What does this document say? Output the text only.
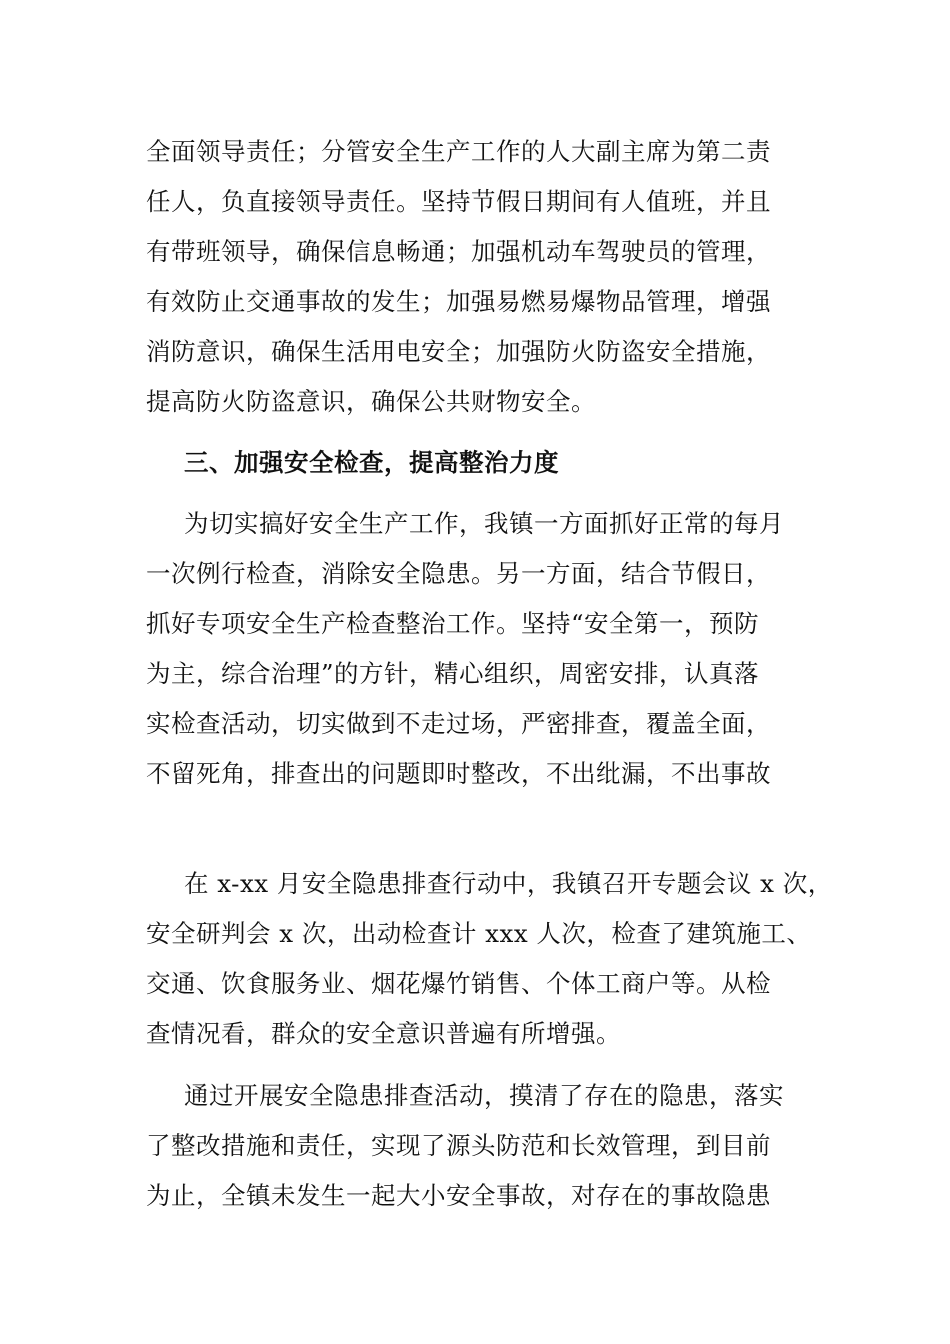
全面领导责任；分管安全生产工作的人大副主席为第二责
任人，负直接领导责任。坚持节假日期间有人值班，并且
有带班领导，确保信息畅通；加强机动车驾驶员的管理，
有效防止交通事故的发生；加强易燃易爆物品管理，增强
消防意识，确保生活用电安全；加强防火防盗安全措施，
提高防火防盗意识，确保公共财物安全。
三、加强安全检查，提高整治力度
为切实搞好安全生产工作，我镇一方面抓好正常的每月
一次例行检查，消除安全隐患。另一方面，结合节假日，
抓好专项安全生产检查整治工作。坚持“安全第一，预防
为主，综合治理”的方针，精心组织，周密安排，认真落
实检查活动，切实做到不走过场，严密排查，覆盖全面，
不留死角，排查出的问题即时整改，不出纰漏，不出事故
在 x-xx 月安全隐患排查行动中，我镇召开专题会议 x 次，
安全研判会 x 次，出动检查计 xxx 人次，检查了建筑施工、
交通、饮食服务业、烟花爆竹销售、个体工商户等。从检
查情况看，群众的安全意识普遍有所增强。
通过开展安全隐患排查活动，摸清了存在的隐患，落实
了整改措施和责任，实现了源头防范和长效管理，到目前
为止，全镇未发生一起大小安全事故，对存在的事故隐患
